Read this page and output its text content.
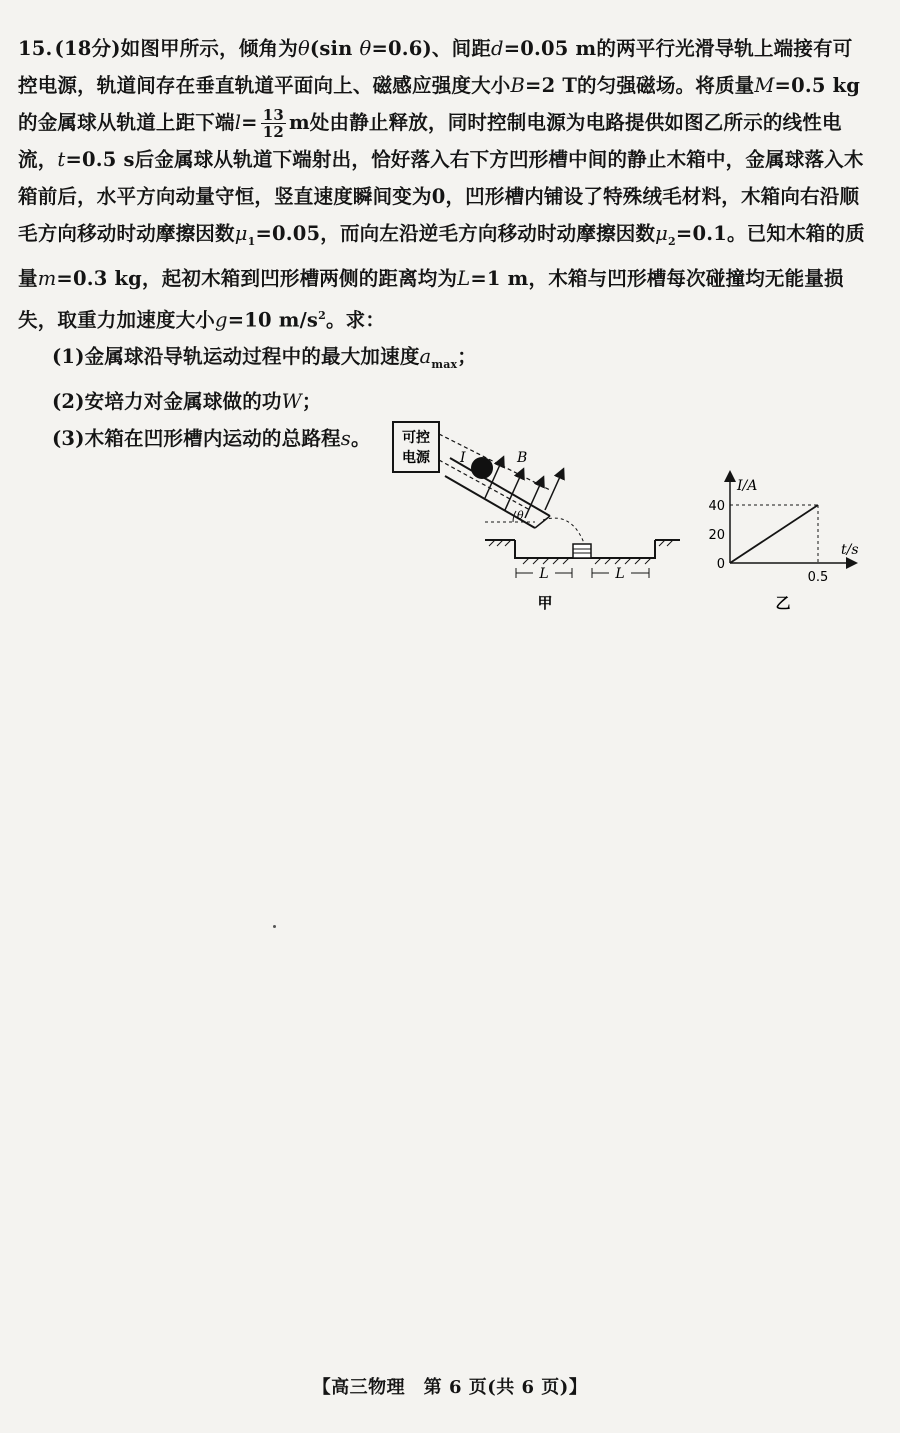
15. (18分)如图甲所示，倾角为θ(sin θ=0.6)、间距d=0.05 m的两平行光滑导轨上端接有可控电源，轨道间存在垂直轨道平面向上、磁感应强度大小B=2 T的匀强磁场。将质量M=0.5 kg的金属球从轨道上距下端$l= \frac{13}{12}$ m处由静止释放，同时控制电源为电路提供如图乙所示的线性电流，t=0.5 s后金属球从轨道下端射出，恰好落入右下方凹形槽中间的静止木箱中，金属球落入木箱前后，水平方向动量守恒，竖直速度瞬间变为0，凹形槽内铺设了特殊绒毛材料，木箱向右沿顺毛方向移动时动摩擦因数$\mu_1=0.05$，而向左沿逆毛方向移动时动摩擦因数$\mu_2=0.1$。已知木箱的质量m=0.3 kg，起初木箱到凹形槽两侧的距离均为L=1 m，木箱与凹形槽每次碰撞均无能量损失，取重力加速度大小g=10 $m/s^2$。求：

(1)金属球沿导轨运动过程中的最大加速度$a_{max}$；

(2)安培力对金属球做的功W；

(3)木箱在凹形槽内运动的总路程s。	可控
电源 I	B
θ
L	L
甲
I/A
t/s
40
20
0
0.5
乙
【高三物理　第 6 页(共 6 页)】
